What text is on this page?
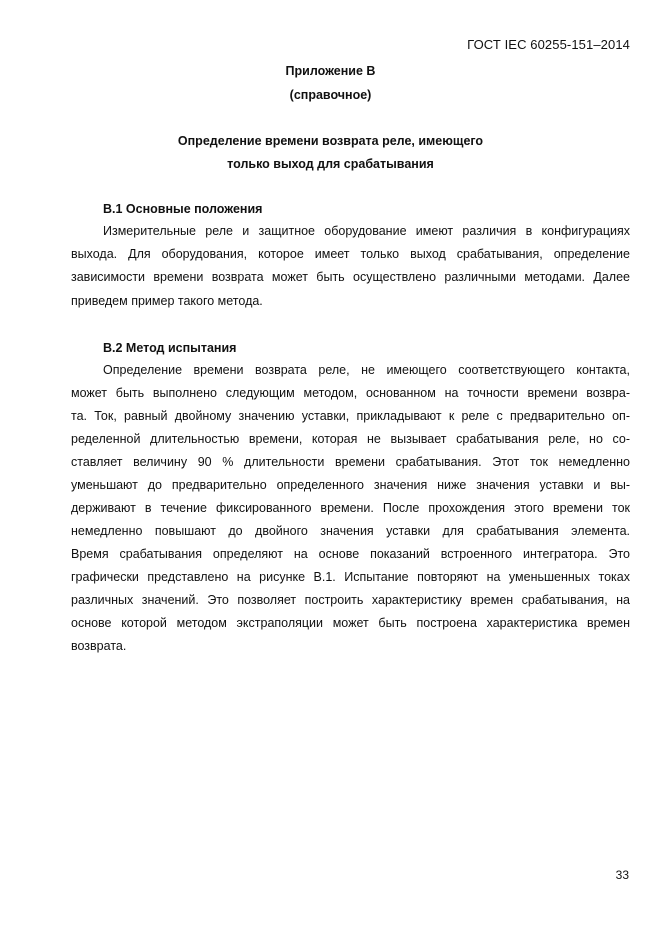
ГОСТ IEC 60255-151–2014
Приложение В
(справочное)
Определение времени возврата реле, имеющего
только выход для срабатывания
В.1 Основные положения
Измерительные реле и защитное оборудование имеют различия в конфигурациях
выхода. Для оборудования, которое имеет только выход срабатывания, определение
зависимости времени возврата может быть осуществлено различными методами. Далее
приведем пример такого метода.
В.2 Метод испытания
Определение времени возврата реле, не имеющего соответствующего контакта,
может быть выполнено следующим методом, основанном на точности времени возвра-
та. Ток, равный двойному значению уставки, прикладывают к реле с предварительно оп-
ределенной длительностью времени, которая не вызывает срабатывания реле, но со-
ставляет величину 90 % длительности времени срабатывания. Этот ток немедленно
уменьшают до предварительно определенного значения ниже значения уставки и вы-
держивают в течение фиксированного времени. После прохождения этого времени ток
немедленно повышают до двойного значения уставки для срабатывания элемента.
Время срабатывания определяют на основе показаний встроенного интегратора. Это
графически представлено на рисунке В.1. Испытание повторяют на уменьшенных токах
различных значений. Это позволяет построить характеристику времен срабатывания, на
основе которой методом экстраполяции может быть построена характеристика времен
возврата.
33
